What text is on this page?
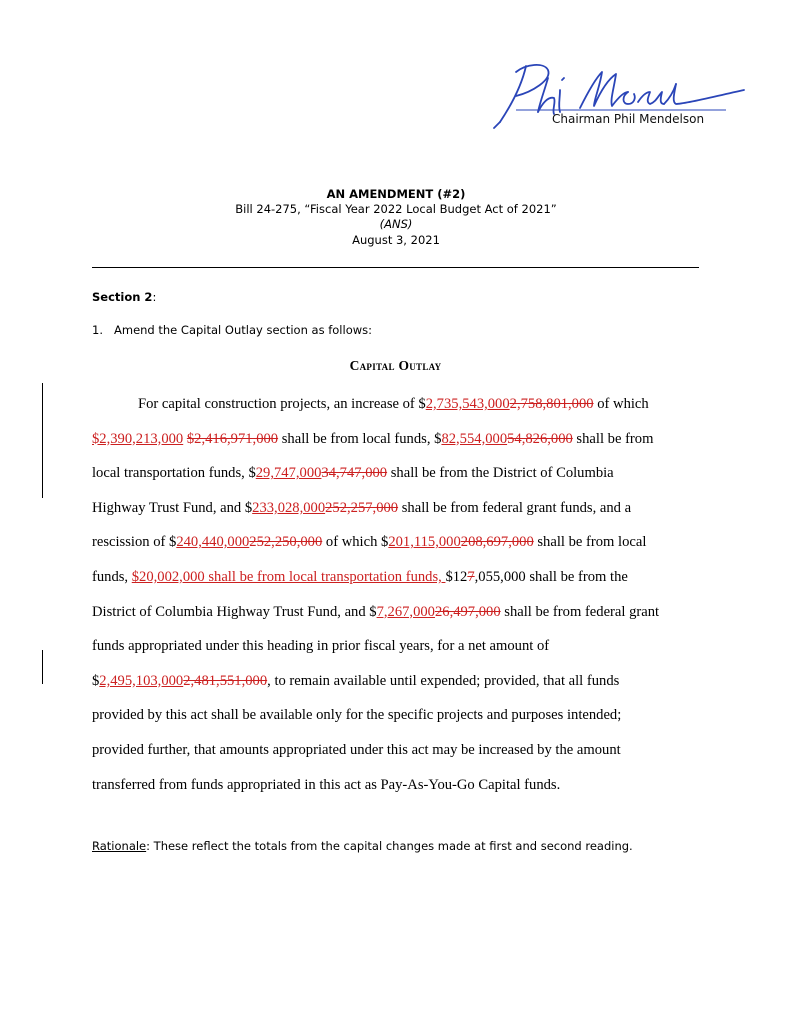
Chairman Phil Mendelson
AN AMENDMENT (#2)
Bill 24-275, “Fiscal Year 2022 Local Budget Act of 2021”
(ANS)
August 3, 2021
Section 2:
1. Amend the Capital Outlay section as follows:
Capital Outlay
For capital construction projects, an increase of $2,735,543,0002,758,801,000 of which
$2,390,213,000 $2,416,971,000 shall be from local funds, $82,554,00054,826,000 shall be from
local transportation funds, $29,747,00034,747,000 shall be from the District of Columbia
Highway Trust Fund, and $233,028,000252,257,000 shall be from federal grant funds, and a
rescission of $240,440,000252,250,000 of which $201,115,000208,697,000 shall be from local
funds, $20,002,000 shall be from local transportation funds, $127,055,000 shall be from the
District of Columbia Highway Trust Fund, and $7,267,00026,497,000 shall be from federal grant
funds appropriated under this heading in prior fiscal years, for a net amount of
$2,495,103,0002,481,551,000, to remain available until expended; provided, that all funds
provided by this act shall be available only for the specific projects and purposes intended;
provided further, that amounts appropriated under this act may be increased by the amount
transferred from funds appropriated in this act as Pay-As-You-Go Capital funds.
Rationale: These reflect the totals from the capital changes made at first and second reading.
